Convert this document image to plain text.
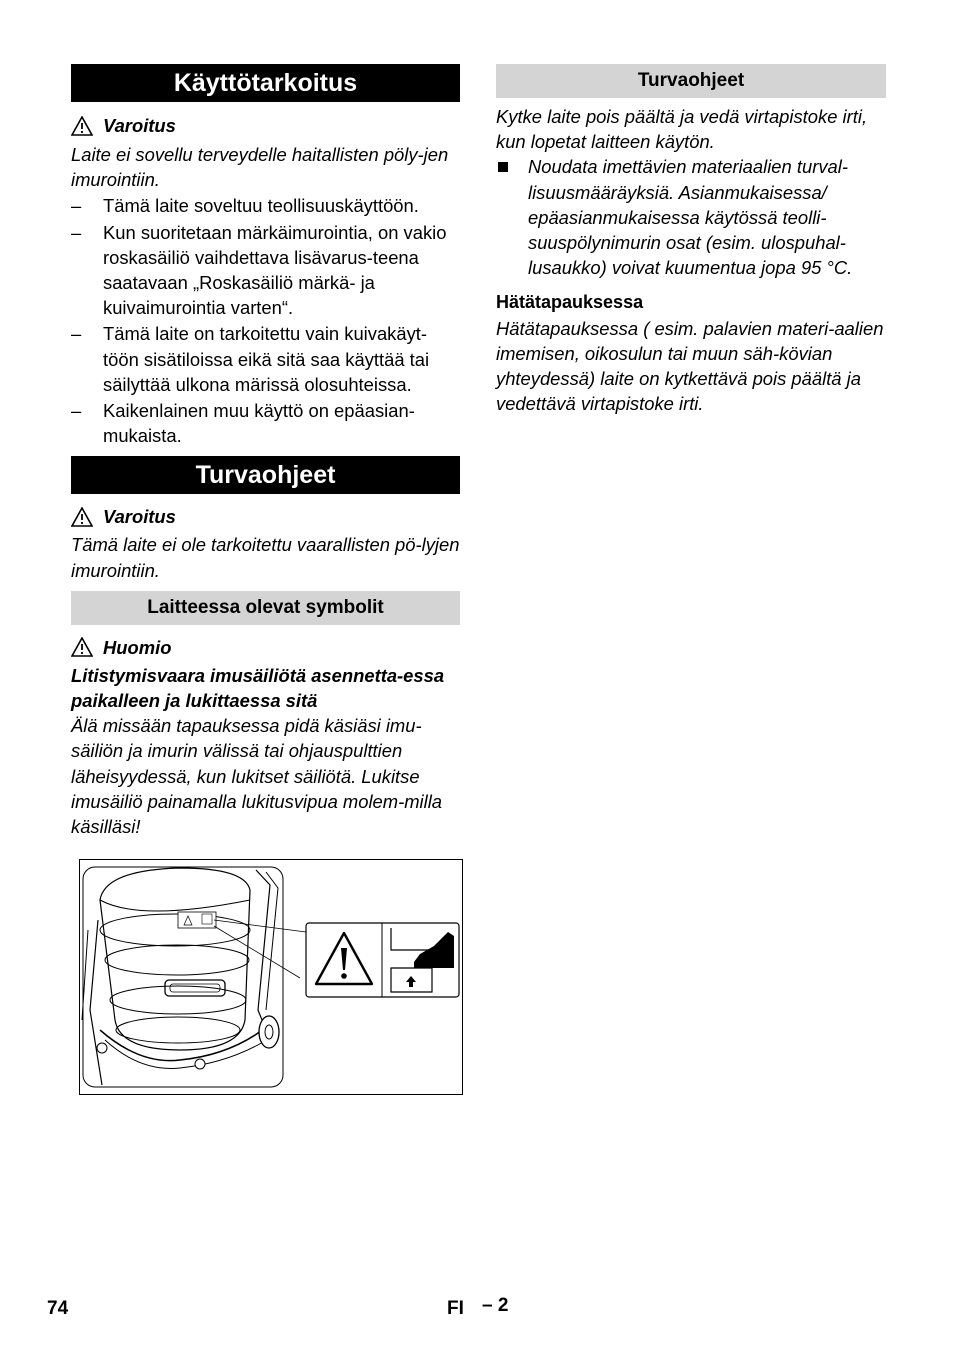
Käyttötarkoitus
Varoitus

Laite ei sovellu terveydelle haitallisten pöly-jen imurointiin.

– Tämä laite soveltuu teollisuuskäyttöön.
– Kun suoritetaan märkäimurointia, on vakio roskasäiliö vaihdettava lisävarus-teena saatavaan „Roskasäiliö märkä- ja kuivaimurointia varten“.
– Tämä laite on tarkoitettu vain kuivakäyt-töön sisätiloissa eikä sitä saa käyttää tai säilyttää ulkona märissä olosuhteissa.
– Kaikenlainen muu käyttö on epäasian-mukaista.
Turvaohjeet
Varoitus

Tämä laite ei ole tarkoitettu vaarallisten pö-lyjen imurointiin.

Laitteessa olevat symbolit
Huomio

Litistymisvaara imusäiliötä asennetta-essa paikalleen ja lukittaessa sitä

Älä missään tapauksessa pidä käsiäsi imu-säiliön ja imurin välissä tai ohjauspulttien läheisyydessä, kun lukitset säiliötä. Lukitse imusäiliö painamalla lukitusvipua molem-milla käsilläsi!

Turvaohjeet

Kytke laite pois päältä ja vedä virtapistoke irti, kun lopetat laitteen käytön.

Noudata imettävien materiaalien turval-lisuusmääräyksiä. Asianmukaisessa/ epäasianmukaisessa käytössä teolli-suuspölynimurin osat (esim. ulospuhal-lusaukko) voivat kuumentua jopa 95 °C.

Hätätapauksessa

Hätätapauksessa ( esim. palavien materi-aalien imemisen, oikosulun tai muun säh-kövian yhteydessä) laite on kytkettävä pois päältä ja vedettävä virtapistoke irti.

74	FI – 2
